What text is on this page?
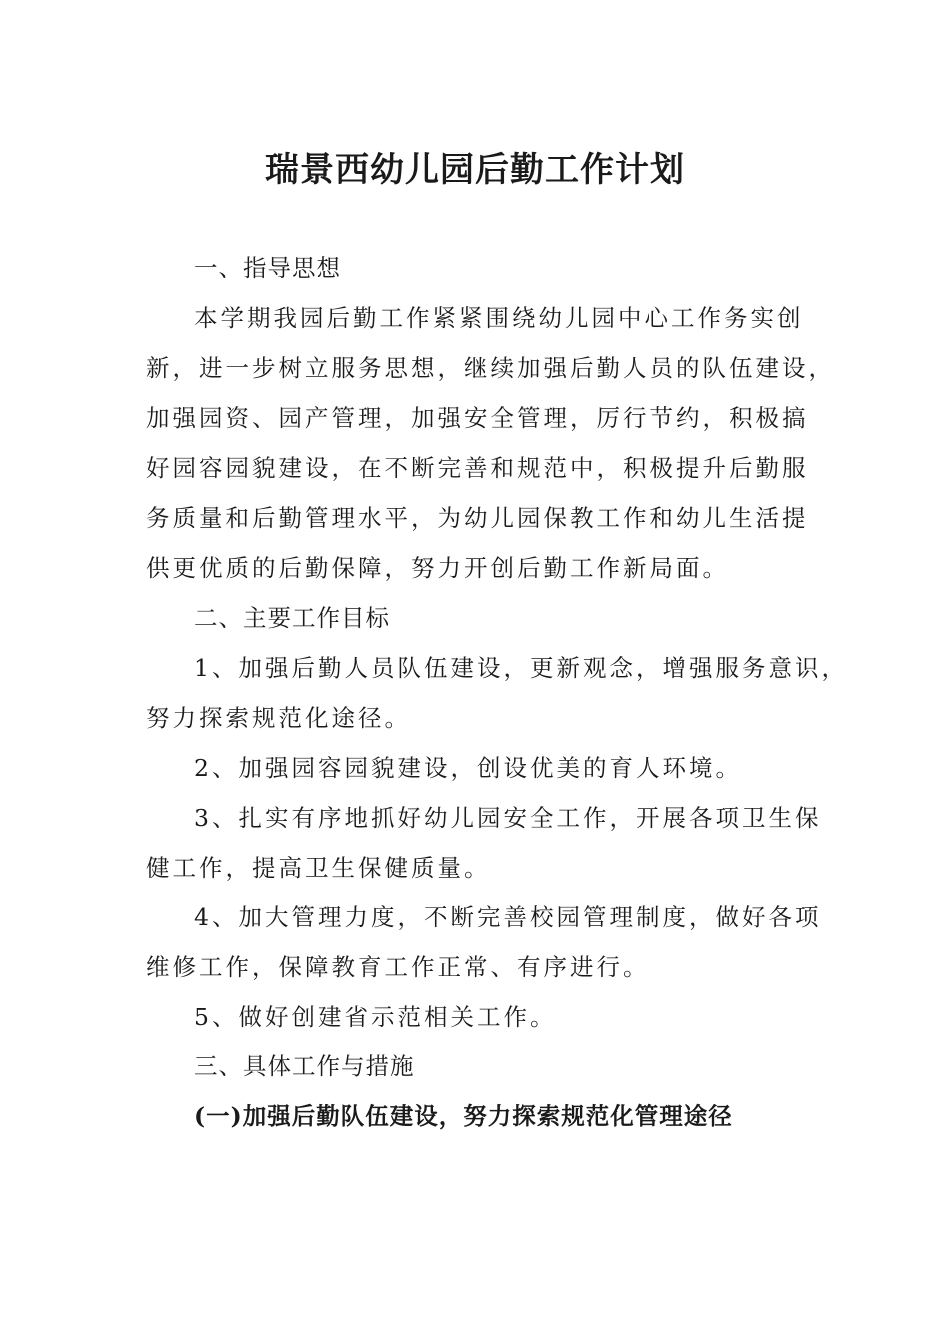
瑞景西幼儿园后勤工作计划
一、指导思想
本学期我园后勤工作紧紧围绕幼儿园中心工作务实创
新，进一步树立服务思想，继续加强后勤人员的队伍建设，
加强园资、园产管理，加强安全管理，厉行节约，积极搞
好园容园貌建设，在不断完善和规范中，积极提升后勤服
务质量和后勤管理水平，为幼儿园保教工作和幼儿生活提
供更优质的后勤保障，努力开创后勤工作新局面。
二、主要工作目标
1、加强后勤人员队伍建设，更新观念，增强服务意识，
努力探索规范化途径。
2、加强园容园貌建设，创设优美的育人环境。
3、扎实有序地抓好幼儿园安全工作，开展各项卫生保
健工作，提高卫生保健质量。
4、加大管理力度，不断完善校园管理制度，做好各项
维修工作，保障教育工作正常、有序进行。
5、做好创建省示范相关工作。
三、具体工作与措施
(一)加强后勤队伍建设，努力探索规范化管理途径
